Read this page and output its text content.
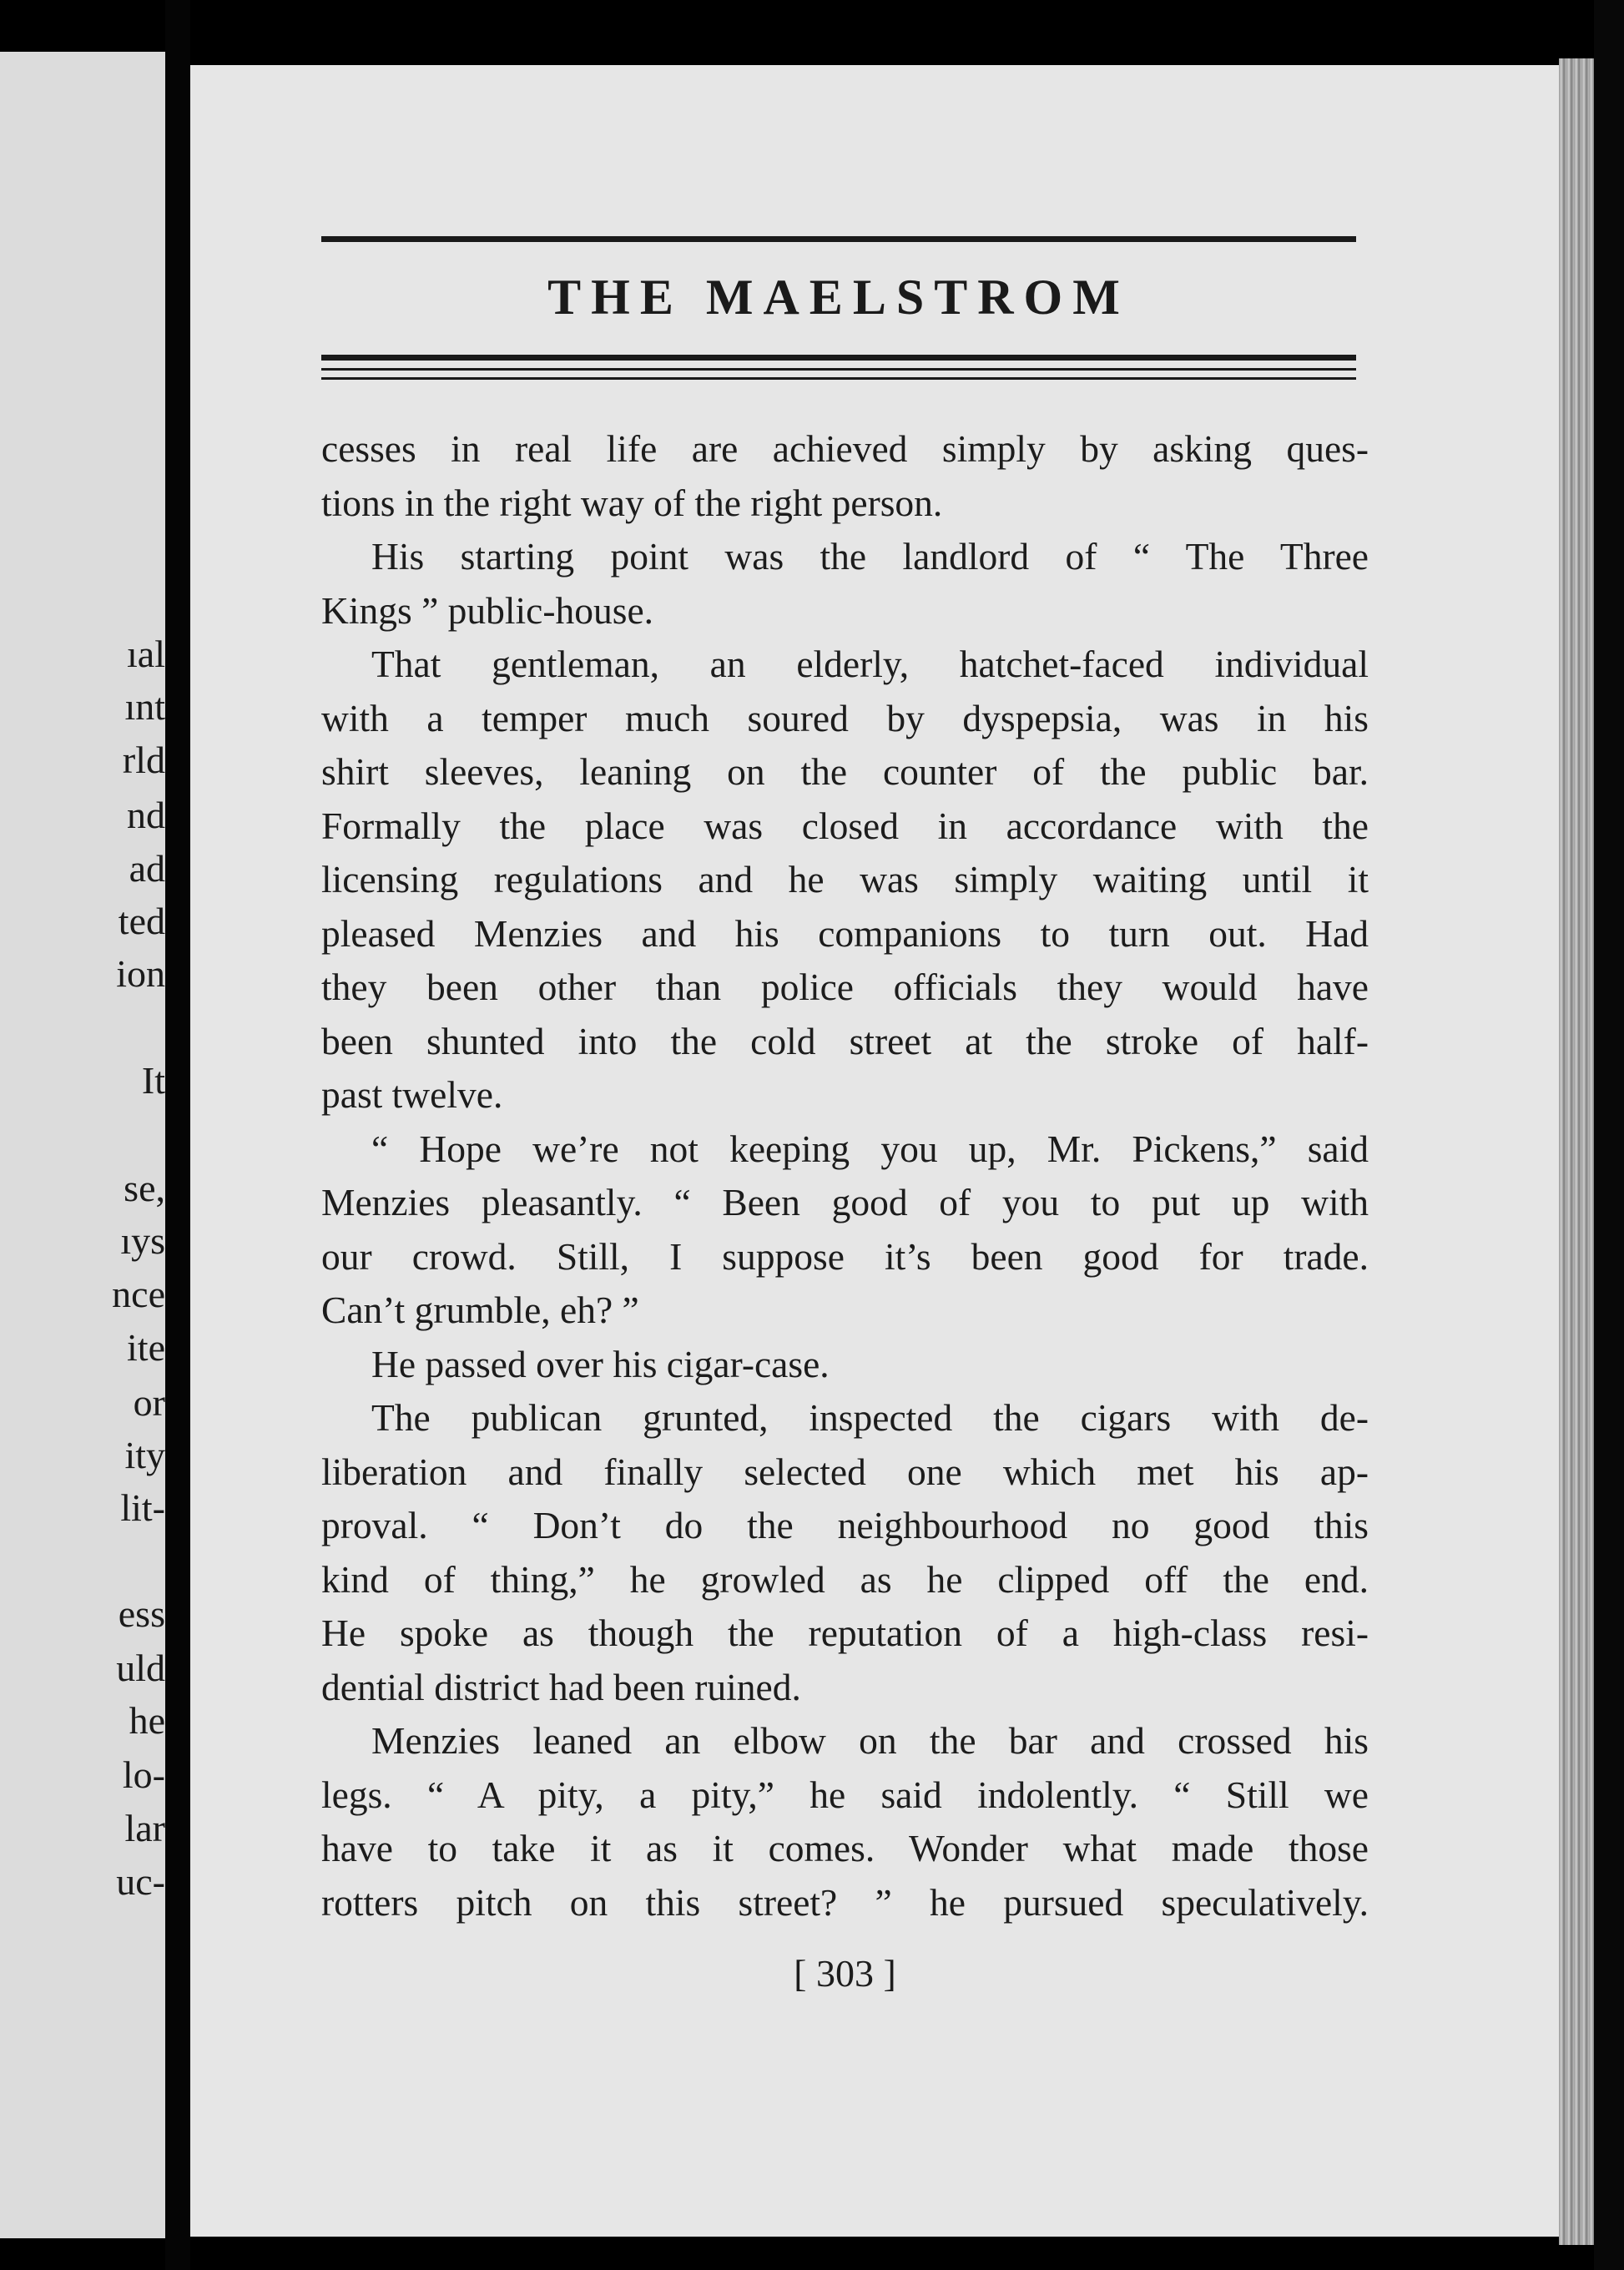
ıal
ınt
rld
nd
ad
ted
ion
It
se,
ıys
nce
ite
or
ity
lit-
ess
uld
he
lo-
lar
uc-
THE MAELSTROM
cesses in real life are achieved simply by asking ques-
tions in the right way of the right person.
His starting point was the landlord of “ The Three
Kings ” public-house.
That gentleman, an elderly, hatchet-faced individual
with a temper much soured by dyspepsia, was in his
shirt sleeves, leaning on the counter of the public bar.
Formally the place was closed in accordance with the
licensing regulations and he was simply waiting until it
pleased Menzies and his companions to turn out. Had
they been other than police officials they would have
been shunted into the cold street at the stroke of half-
past twelve.
“ Hope we’re not keeping you up, Mr. Pickens,” said
Menzies pleasantly. “ Been good of you to put up with
our crowd. Still, I suppose it’s been good for trade.
Can’t grumble, eh? ”
He passed over his cigar-case.
The publican grunted, inspected the cigars with de-
liberation and finally selected one which met his ap-
proval. “ Don’t do the neighbourhood no good this
kind of thing,” he growled as he clipped off the end.
He spoke as though the reputation of a high-class resi-
dential district had been ruined.
Menzies leaned an elbow on the bar and crossed his
legs. “ A pity, a pity,” he said indolently. “ Still we
have to take it as it comes. Wonder what made those
rotters pitch on this street? ” he pursued speculatively.
[ 303 ]
